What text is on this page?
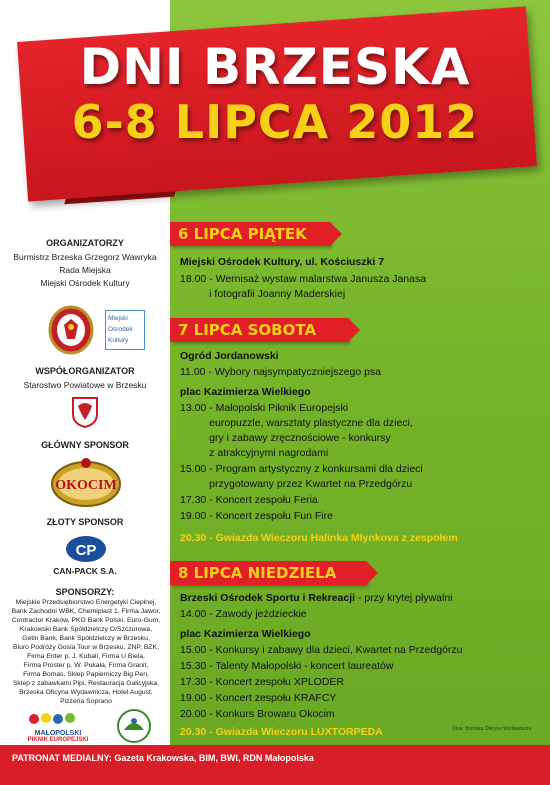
DNI BRZESKA
6-8 LIPCA 2012
ORGANIZATORZY
Burmistrz Brzeska Grzegorz Wawryka
Rada Miejska
Miejski Ośrodek Kultury
Miejski
Ośrodek
Kultury
WSPÓŁORGANIZATOR
Starostwo Powiatowe w Brzesku
GŁÓWNY SPONSOR
OKOCIM
ZŁOTY SPONSOR
CP
CAN-PACK S.A.
SPONSORZY:
Miejskie Przedsiębiorstwo Energetyki Cieplnej,
Bank Zachodni WBK, Chemiplast 1, Firma Jawor,
Contractor Kraków, PKO Bank Polski, Euro-Gum,
Krakowski Bank Spółdzielczy O/Szczurowa,
Getin Bank, Bank Spółdzielczy w Brzesku,
Biuro Podróży Gosia Tour w Brzesku, ZNP, BZK,
Firma Enter p. J. Kubali, Firma U Biela,
Firma Proster p. W. Pukała, Firma Granit,
Firma Bomas, Sklep Papierniczy Big Pen,
Sklep z zabawkami Pipi, Restauracja Galicyjska,
Brzeska Oficyna Wydawnicza, Hotel August,
Pizzeria Soprano
MAŁOPOLSKI
PIKNIK EUROPEJSKI
6 LIPCA PIĄTEK
Miejski Ośrodek Kultury, ul. Kościuszki 7
18.00 - Wernisaż wystaw malarstwa Janusza Janasa
i fotografii Joanny Maderskiej
7 LIPCA SOBOTA
Ogród Jordanowski
11.00 - Wybory najsympatyczniejszego psa
plac Kazimierza Wielkiego
13.00 - Małopolski Piknik Europejski
europuzzle, warsztaty plastyczne dla dzieci,
gry i zabawy zręcznościowe - konkursy
z atrakcyjnymi nagrodami
15.00 - Program artystyczny z konkursami dla dzieci
przygotowany przez Kwartet na Przedgórzu
17.30 - Koncert zespołu Feria
19.00 - Koncert zespołu Fun Fire
20.30 - Gwiazda Wieczoru Halinka Mlynkova z zespołem
8 LIPCA NIEDZIELA
Brzeski Ośrodek Sportu i Rekreacji - przy krytej pływalni
14.00 - Zawody jeździeckie
plac Kazimierza Wielkiego
15.00 - Konkursy i zabawy dla dzieci, Kwartet na Przedgórzu
15.30 - Talenty Małopolski - koncert laureatów
17.30 - Koncert zespołu XPLODER
19.00 - Koncert zespołu KRAFCY
20.00 - Konkurs Browaru Okocim
20.30 - Gwiazda Wieczoru LUXTORPEDA	Druk: Brzeska Oficyna Wydawnicza
PATRONAT MEDIALNY: Gazeta Krakowska, BIM, BWI, RDN Małopolska
